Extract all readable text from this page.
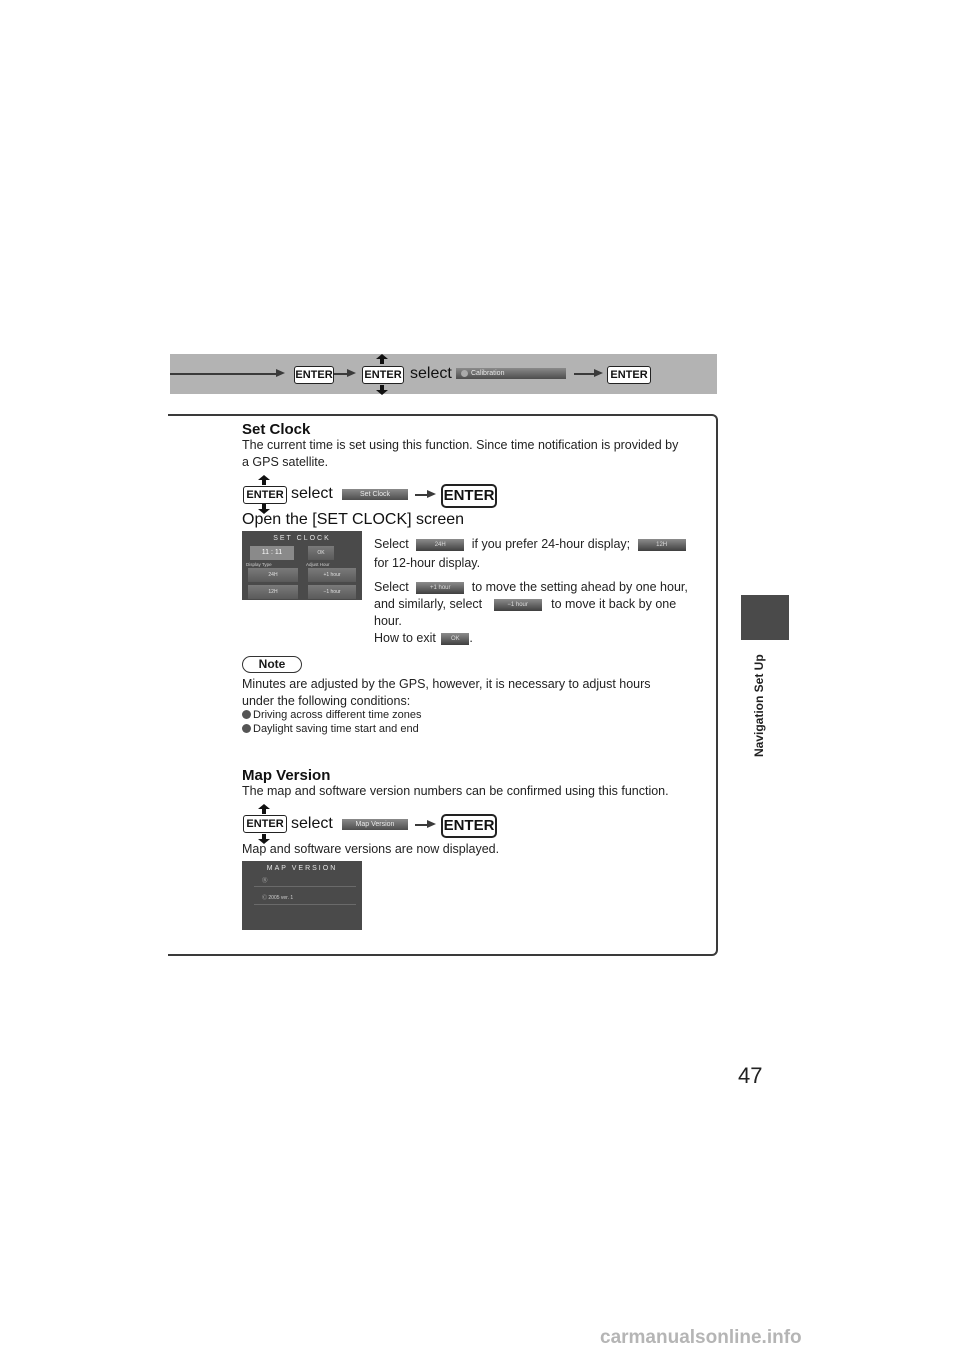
ENTER	ENTER select	Calibration	ENTER
Set Clock
The current time is set using this function. Since time notification is provided by
a GPS satellite.
ENTER select	Set Clock	ENTER
Open the [SET CLOCK] screen
SET CLOCK
11 : 11	OK
Display Type	Adjust Hour
24H	+1 hour
12H	−1 hour
Select	24H if you prefer 24-hour display;	12H
for 12-hour display.
Select	+1 hour to move the setting ahead by one hour,
and similarly, select	−1 hour to move it back by one
hour.
How to exit	OK .
Note
Minutes are adjusted by the GPS, however, it is necessary to adjust hours
under the following conditions:
Driving across different time zones
Daylight saving time start and end
Map Version
The map and software version numbers can be confirmed using this function.
ENTER select	Map Version	ENTER
Map and software versions are now displayed.
MAP VERSION
Ⓡ
Ⓒ 2005 ver. 1
Navigation Set Up
47
carmanualsonline.info
